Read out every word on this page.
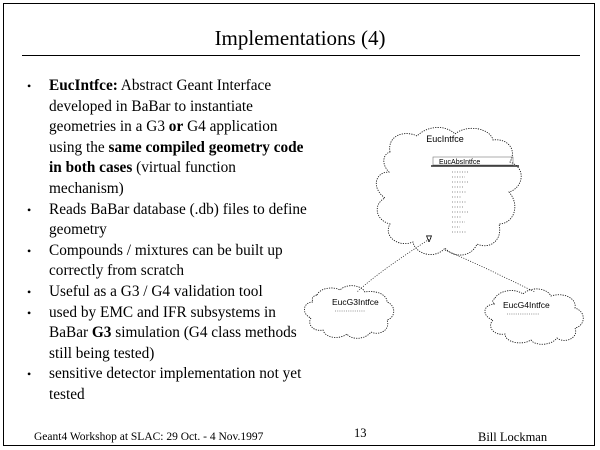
Implementations (4)
• EucIntfce: Abstract Geant Interface developed in BaBar to instantiate geometries in a G3 or G4 application using the same compiled geometry code in both cases (virtual function mechanism)
• Reads BaBar database (.db) files to define geometry
• Compounds / mixtures can be built up correctly from scratch
• Useful as a G3 / G4 validation tool
• used by EMC and IFR subsystems in BaBar G3 simulation (G4 class methods still being tested)
• sensitive detector implementation not yet tested
EucIntfce
EucAbsIntfce
∇
EucG3Intfce	EucG4Intfce
Geant4 Workshop at SLAC: 29 Oct. - 4 Nov.1997	13	Bill Lockman
